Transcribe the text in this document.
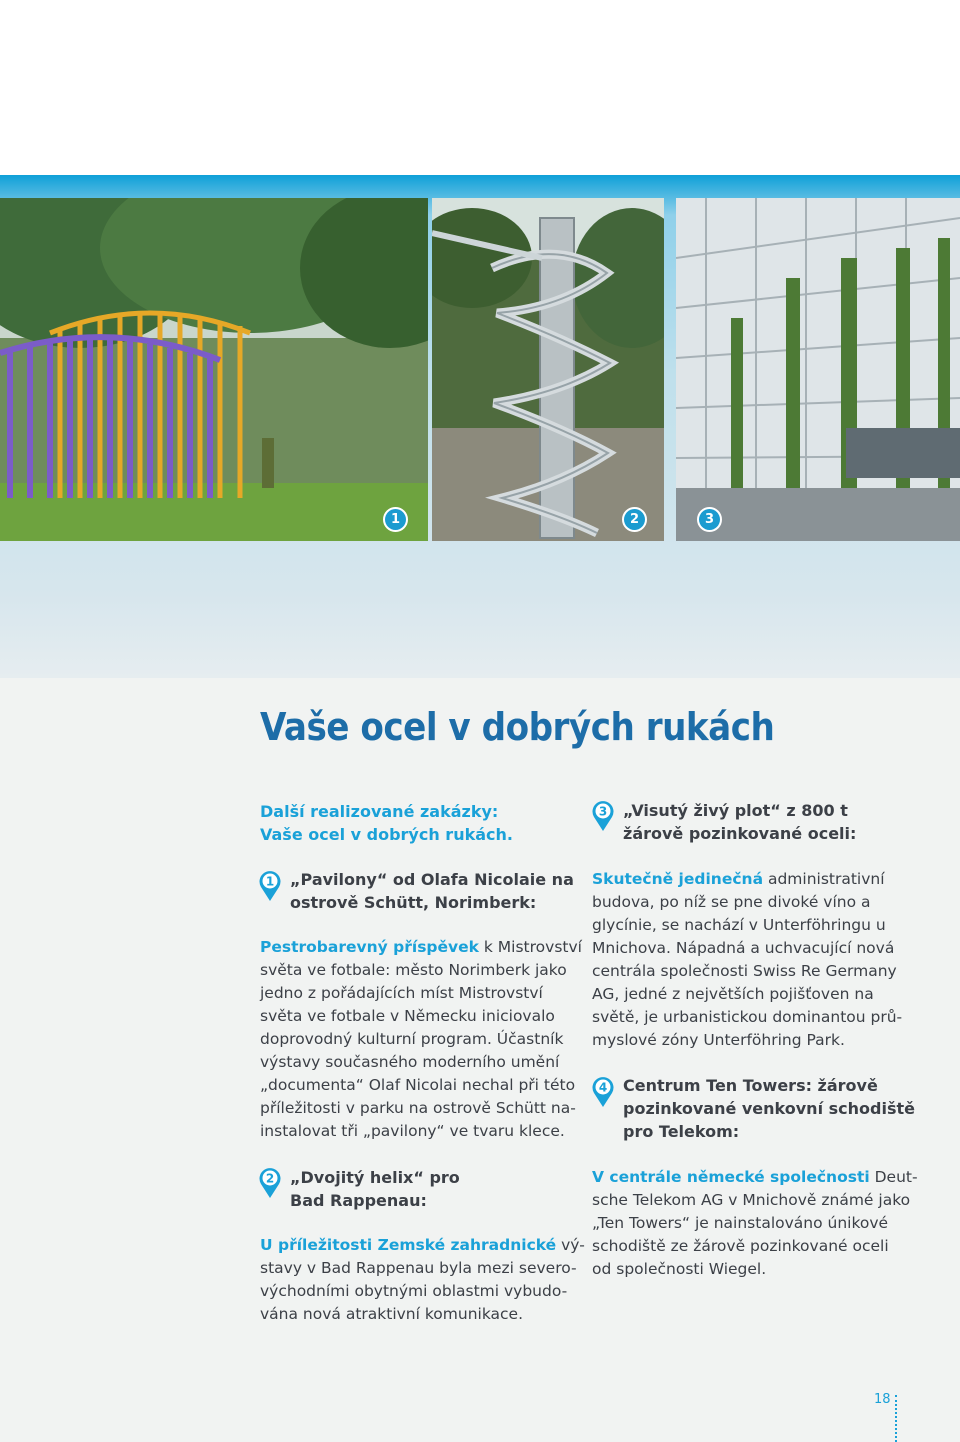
1	2	3
Vaše ocel v dobrých rukách
Další realizované zakázky:
Vaše ocel v dobrých rukách.
1 „Pavilony“ od Olafa Nicolaie na
ostrově Schütt, Norimberk:
Pestrobarevný příspěvek k Mistrovství
světa ve fotbale: město Norimberk jako
jedno z pořádajících míst Mistrovství
světa ve fotbale v Německu iniciovalo
doprovodný kulturní program. Účastník
výstavy současného moderního umění
„documenta“ Olaf Nicolai nechal při této
příležitosti v parku na ostrově Schütt na-
instalovat tři „pavilony“ ve tvaru klece.
2 „Dvojitý helix“ pro
Bad Rappenau:
U příležitosti Zemské zahradnické vý-
stavy v Bad Rappenau byla mezi severo-
východními obytnými oblastmi vybudo-
vána nová atraktivní komunikace.
3 „Visutý živý plot“ z 800 t
žárově pozinkované oceli:
Skutečně jedinečná administrativní
budova, po níž se pne divoké víno a
glycínie, se nachází v Unterföhringu u
Mnichova. Nápadná a uchvacující nová
centrála společnosti Swiss Re Germany
AG, jedné z největších pojišťoven na
světě, je urbanistickou dominantou prů-
myslové zóny Unterföhring Park.
4 Centrum Ten Towers: žárově
pozinkované venkovní schodiště
pro Telekom:
V centrále německé společnosti Deut-
sche Telekom AG v Mnichově známé jako
„Ten Towers“ je nainstalováno únikové
schodiště ze žárově pozinkované oceli
od společnosti Wiegel.
18
